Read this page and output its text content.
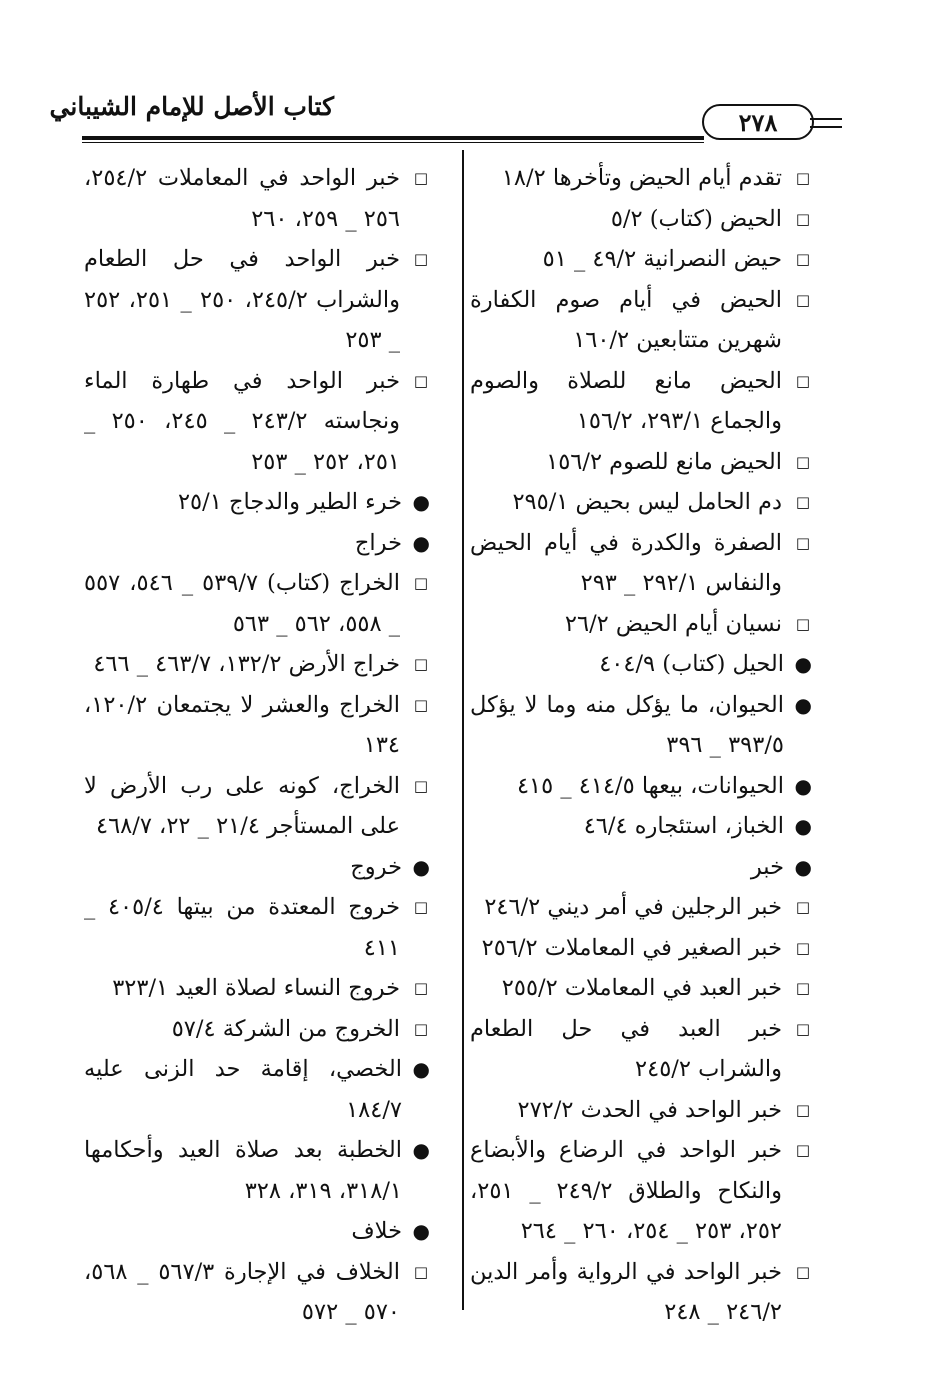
كتاب الأصل للإمام الشيباني
٢٧٨
□
تقدم أيام الحيض وتأخرها ١٨/٢
□
الحيض (كتاب) ٥/٢
□
حيض النصرانية ٤٩/٢ _ ٥١
□
الحيض في أيام صوم الكفارة شهرين متتابعين ١٦٠/٢
□
الحيض مانع للصلاة والصوم والجماع ٢٩٣/١، ١٥٦/٢
□
الحيض مانع للصوم ١٥٦/٢
□
دم الحامل ليس بحيض ٢٩٥/١
□
الصفرة والكدرة في أيام الحيض والنفاس ٢٩٢/١ _ ٢٩٣
□
نسيان أيام الحيض ٢٦/٢
●
الحيل (كتاب) ٤٠٤/٩
●
الحيوان، ما يؤكل منه وما لا يؤكل ٣٩٣/٥ _ ٣٩٦
●
الحيوانات، بيعها ٤١٤/٥ _ ٤١٥
●
الخباز، استئجاره ٤٦/٤
●
خبر
□
خبر الرجلين في أمر ديني ٢٤٦/٢
□
خبر الصغير في المعاملات ٢٥٦/٢
□
خبر العبد في المعاملات ٢٥٥/٢
□
خبر العبد في حل الطعام والشراب ٢٤٥/٢
□
خبر الواحد في الحدث ٢٧٢/٢
□
خبر الواحد في الرضاع والأبضاع والنكاح والطلاق ٢٤٩/٢ _ ٢٥١، ٢٥٢، ٢٥٣ _ ٢٥٤، ٢٦٠ _ ٢٦٤
□
خبر الواحد في الرواية وأمر الدين ٢٤٦/٢ _ ٢٤٨
□
خبر الواحد في المعاملات ٢٥٤/٢، ٢٥٦ _ ٢٥٩، ٢٦٠
□
خبر الواحد في حل الطعام والشراب ٢٤٥/٢، ٢٥٠ _ ٢٥١، ٢٥٢ _ ٢٥٣
□
خبر الواحد في طهارة الماء ونجاسته ٢٤٣/٢ _ ٢٤٥، ٢٥٠ _ ٢٥١، ٢٥٢ _ ٢٥٣
●
خرء الطير والدجاج ٢٥/١
●
خراج
□
الخراج (كتاب) ٥٣٩/٧ _ ٥٤٦، ٥٥٧ _ ٥٥٨، ٥٦٢ _ ٥٦٣
□
خراج الأرض ١٣٢/٢، ٤٦٣/٧ _ ٤٦٦
□
الخراج والعشر لا يجتمعان ١٢٠/٢، ١٣٤
□
الخراج، كونه على رب الأرض لا على المستأجر ٢١/٤ _ ٢٢، ٤٦٨/٧
●
خروج
□
خروج المعتدة من بيتها ٤٠٥/٤ _ ٤١١
□
خروج النساء لصلاة العيد ٣٢٣/١
□
الخروج من الشركة ٥٧/٤
●
الخصي، إقامة حد الزنى عليه ١٨٤/٧
●
الخطبة بعد صلاة العيد وأحكامها ٣١٨/١، ٣١٩، ٣٢٨
●
خلاف
□
الخلاف في الإجارة ٥٦٧/٣ _ ٥٦٨، ٥٧٠ _ ٥٧٢
